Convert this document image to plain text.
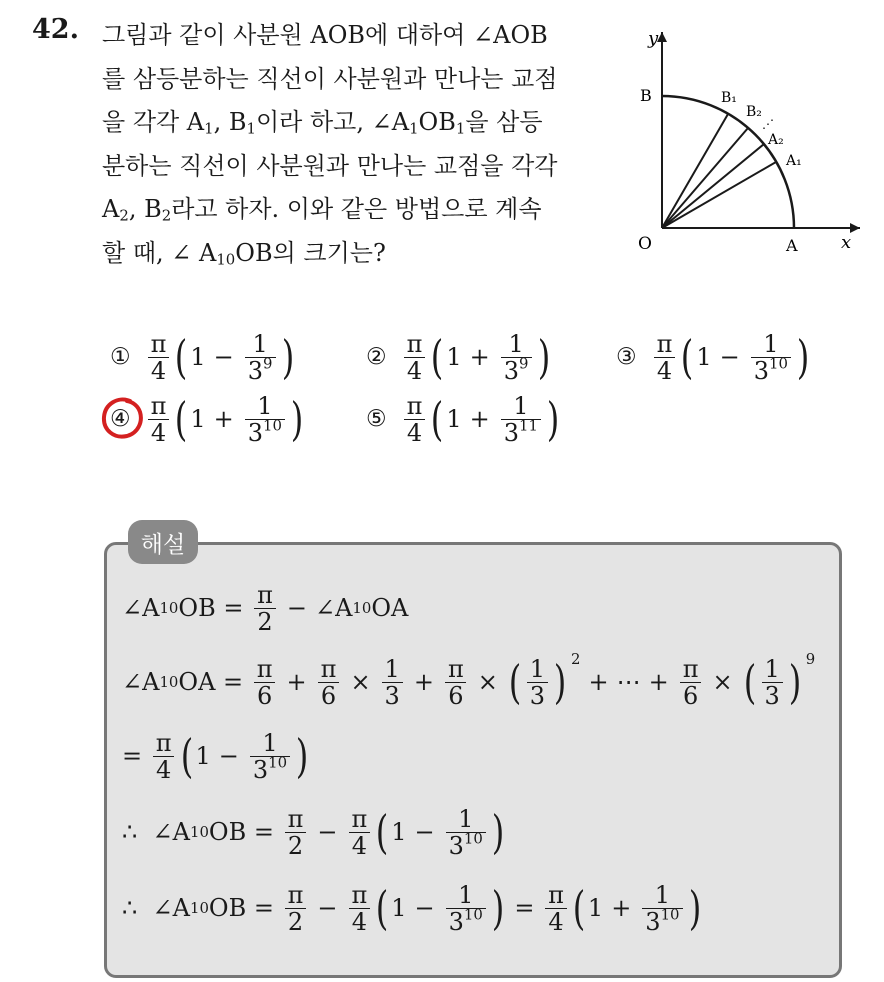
42. 그림과 같이 사분원 AOB에 대하여 ∠AOB
를 삼등분하는 직선이 사분원과 만나는 교점
을 각각 $A_1$, $B_1$이라 하고, $\angle A_1OB_1$을 삼등
분하는 직선이 사분원과 만나는 교점을 각각
$A_2$, $B_2$라고 하자. 이와 같은 방법으로 계속
할 때, ∠ $A_{10}OB$의 크기는?
y
x
O	A
B	B₁
B₂
⋰
A₂
A₁
① $\frac{\pi}{4}$ ( $1 - \frac{1}{3^9}$ )	② $\frac{\pi}{4}$ ( $1 + \frac{1}{3^9}$ )	③ $\frac{\pi}{4}$ ( $1 - \frac{1}{3^{10}}$ )
④ $\frac{\pi}{4}$ ( $1 + \frac{1}{3^{10}}$ )	⑤ $\frac{\pi}{4}$ ( $1 + \frac{1}{3^{11}}$ )
해설
∠A 10 OB = $\frac{\pi}{2}$ − ∠A 10 OA
∠A 10 OA = $\frac{\pi}{6} + \frac{\pi}{6} \times \frac{1}{3} + \frac{\pi}{6}$ × ( $\frac{1}{3}$ ) 2
+ ⋯ + $\frac{\pi}{6}$ × ( $\frac{1}{3}$ ) 9
= $\frac{\pi}{4}$ ( $1 - \frac{1}{3^{10}}$ )
∴ ∠A 10 OB = $\frac{\pi}{2} - \frac{\pi}{4}$ ( $1 - \frac{1}{3^{10}}$ )
∴ ∠A 10 OB = $\frac{\pi}{2} - \frac{\pi}{4}$ ( $1 - \frac{1}{3^{10}}$ ) = $\frac{\pi}{4}$ ( $1 + \frac{1}{3^{10}}$ )
